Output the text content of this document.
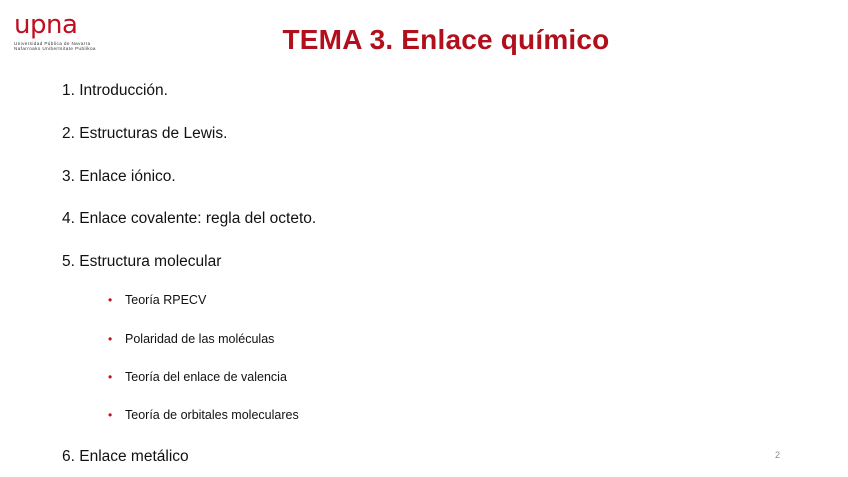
upna
Universidad Pública de Navarra
Nafarroako Unibertsitate Publikoa	TEMA 3. Enlace químico
1. Introducción.
2. Estructuras de Lewis.
3. Enlace iónico.
4. Enlace covalente: regla del octeto.
5. Estructura molecular
•	Teoría RPECV
•	Polaridad de las moléculas
•	Teoría del enlace de valencia
•	Teoría de orbitales moleculares
6. Enlace metálico	2
